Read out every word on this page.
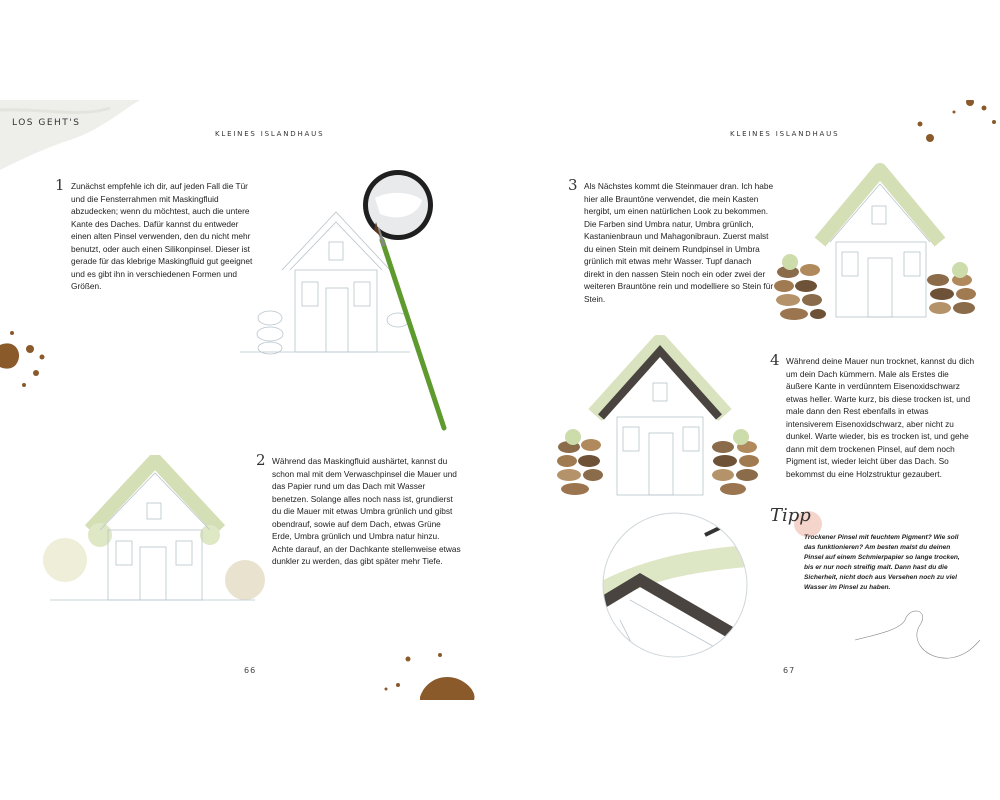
LOS GEHT'S
KLEINES ISLANDHAUS
1 Zunächst empfehle ich dir, auf jeden Fall die Tür und die Fensterrahmen mit Maskingfluid abzudecken; wenn du möchtest, auch die untere Kante des Daches. Dafür kannst du entweder einen alten Pinsel verwenden, den du nicht mehr benutzt, oder auch einen Silikonpinsel. Dieser ist gerade für das klebrige Maskingfluid gut geeignet und es gibt ihn in verschiedenen Formen und Größen.
2 Während das Maskingfluid aushärtet, kannst du schon mal mit dem Verwaschpinsel die Mauer und das Papier rund um das Dach mit Wasser benetzen. Solange alles noch nass ist, grundierst du die Mauer mit etwas Umbra grünlich und gibst obendrauf, sowie auf dem Dach, etwas Grüne Erde, Umbra grünlich und Umbra natur hinzu. Achte darauf, an der Dachkante stellenweise etwas dunkler zu werden, das gibt später mehr Tiefe.
66
KLEINES ISLANDHAUS
3 Als Nächstes kommt die Steinmauer dran. Ich habe hier alle Brauntöne verwendet, die mein Kasten hergibt, um einen natürlichen Look zu bekommen. Die Farben sind Umbra natur, Umbra grünlich, Kastanienbraun und Mahagonibraun. Zuerst malst du einen Stein mit deinem Rundpinsel in Umbra grünlich mit etwas mehr Wasser. Tupf danach direkt in den nassen Stein noch ein oder zwei der weiteren Brauntöne rein und modelliere so Stein für Stein.
4 Während deine Mauer nun trocknet, kannst du dich um dein Dach kümmern. Male als Erstes die äußere Kante in verdünntem Eisenoxidschwarz etwas heller. Warte kurz, bis diese trocken ist, und male dann den Rest ebenfalls in etwas intensiverem Eisenoxidschwarz, aber nicht zu dunkel. Warte wieder, bis es trocken ist, und gehe dann mit dem trockenen Pinsel, auf dem noch Pigment ist, wieder leicht über das Dach. So bekommst du eine Holzstruktur gezaubert.
Tipp
Trockener Pinsel mit feuchtem Pigment? Wie soll das funktionieren? Am besten malst du deinen Pinsel auf einem Schmierpapier so lange trocken, bis er nur noch streifig malt. Dann hast du die Sicherheit, nicht doch aus Versehen noch zu viel Wasser im Pinsel zu haben.
67
